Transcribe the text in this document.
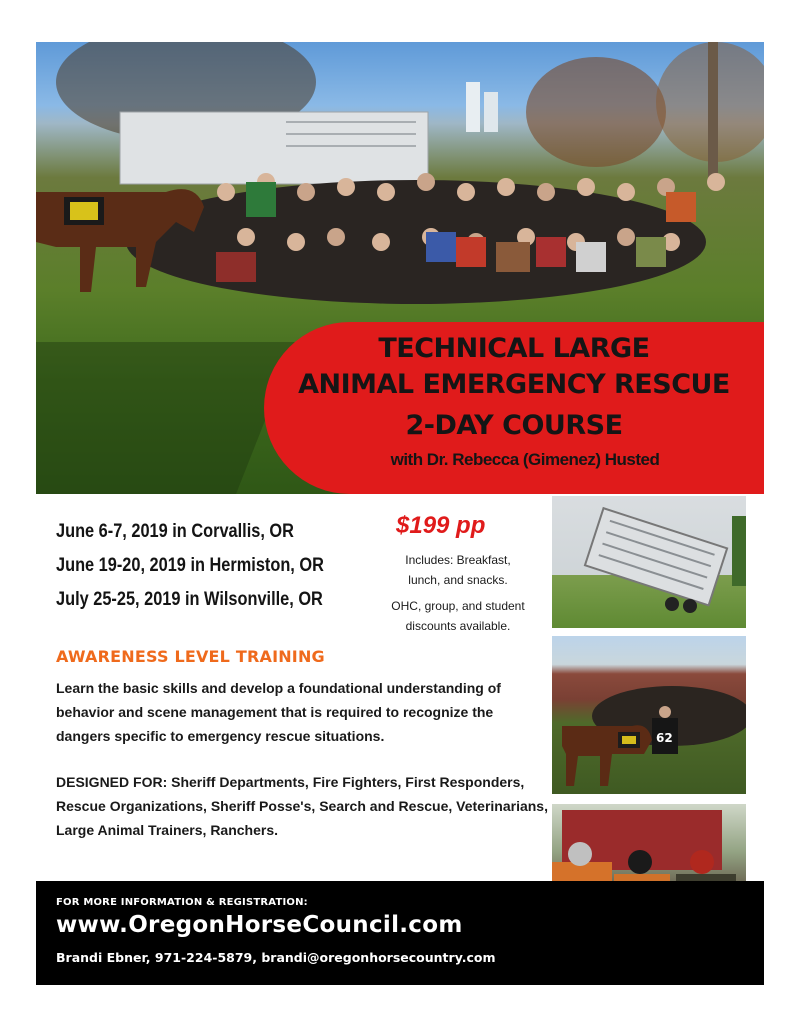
TECHNICAL LARGE
ANIMAL EMERGENCY RESCUE
2-DAY COURSE
with Dr. Rebecca (Gimenez) Husted
June 6-7, 2019 in Corvallis, OR
June 19-20, 2019 in Hermiston, OR
July 25-25, 2019 in Wilsonville, OR
$199 pp
Includes: Breakfast,
lunch, and snacks.
OHC, group, and student
discounts available.
AWARENESS LEVEL TRAINING
Learn the basic skills and develop a foundational understanding of behavior and scene management that is required to recognize the dangers specific to emergency rescue situations.
DESIGNED FOR: Sheriff Departments, Fire Fighters, First Responders, Rescue Organizations, Sheriff Posse's, Search and Rescue, Veterinarians, Large Animal Trainers, Ranchers.
62
FOR MORE INFORMATION & REGISTRATION:
www.OregonHorseCouncil.com
Brandi Ebner, 971-224-5879, brandi@oregonhorsecountry.com
